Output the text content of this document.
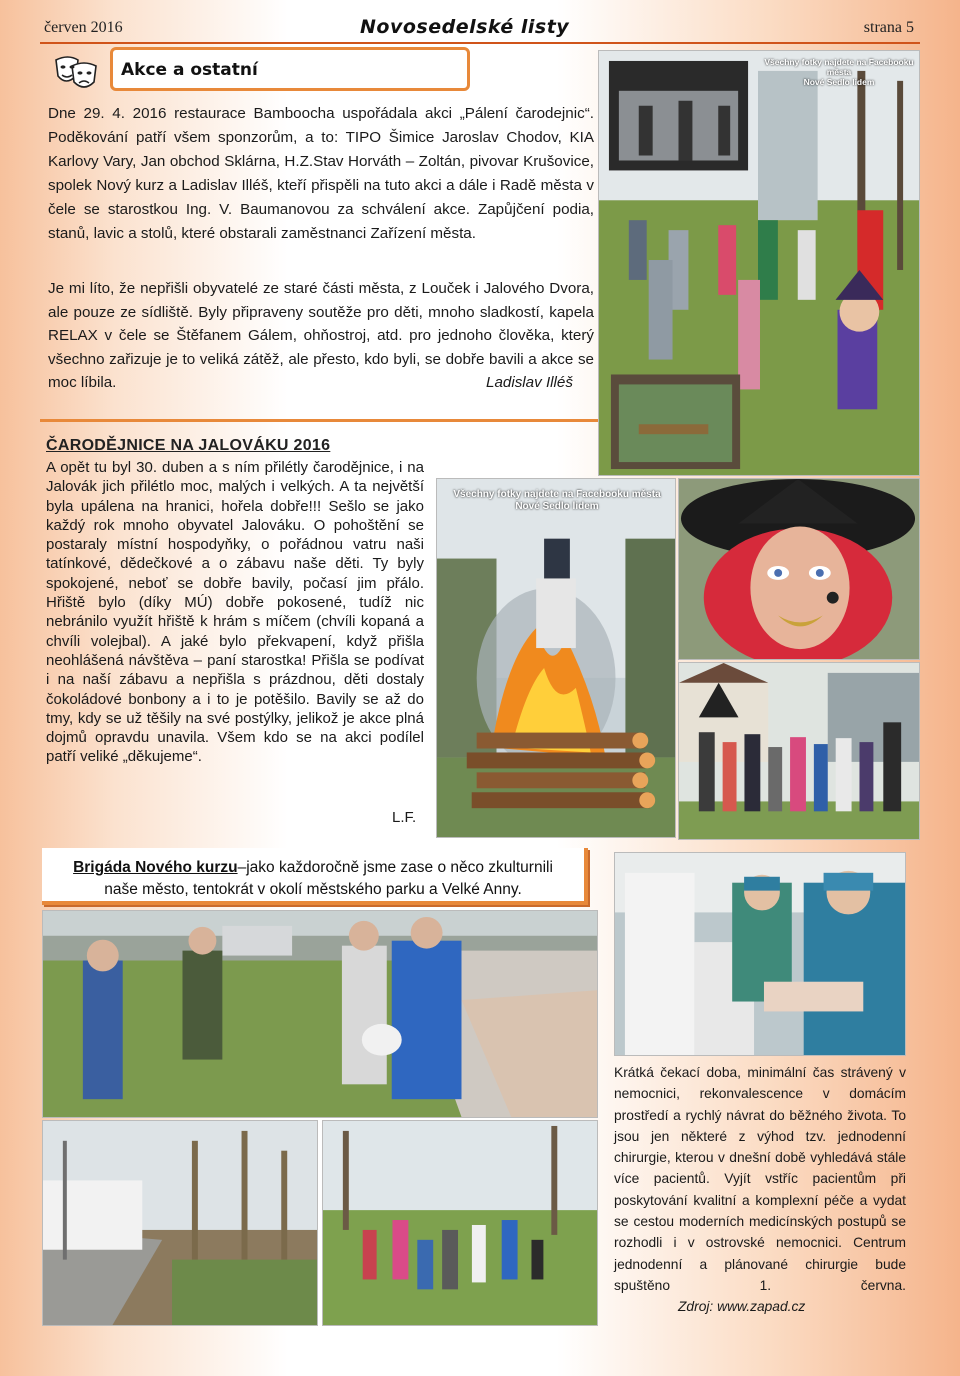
červen 2016	Novosedelské listy	strana 5
Akce a ostatní
Dne 29. 4. 2016 restaurace Bamboocha uspořádala akci „Pálení čarodejnic“. Poděkování patří všem sponzorům, a to: TIPO Šimice Jaroslav Chodov, KIA Karlovy Vary, Jan obchod Sklárna, H.Z.Stav Horváth – Zoltán, pivovar Krušovice, spolek Nový kurz a Ladislav Illéš, kteří přispěli na tuto akci a dále i Radě města v čele se starostkou Ing. V. Baumanovou za schválení akce. Zapůjčení podia, stanů, lavic a stolů, které obstarali zaměstnanci Zařízení města.
Je mi líto, že nepřišli obyvatelé ze staré části města, z Louček i Jalového Dvora, ale pouze ze sídliště. Byly připraveny soutěže pro děti, mnoho sladkostí, kapela RELAX v čele se Štěfanem Gálem, ohňostroj, atd. pro jednoho člověka, který všechno zařizuje je to veliká zátěž, ale přesto, kdo byli, se dobře bavili a akce se moc líbila.	Ladislav Illéš
Všechny fotky najdete na Facebooku města
Nové Sedlo lidem
ČARODĚJNICE NA JALOVÁKU 2016
A opět tu byl 30. duben a s ním přilétly čarodějnice, i na Jalovák jich přilétlo moc, malých i velkých. A ta největší byla upálena na hranici, hořela dobře!!! Sešlo se jako každý rok mnoho obyvatel Jalováku. O pohoštění se postaraly místní hospodyňky, o pořádnou vatru naši tatínkové, dědečkové a o zábavu naše děti. Ty byly spokojené, neboť se dobře bavily, počasí jim přálo. Hřiště bylo (díky MÚ) dobře pokosené, tudíž nic nebránilo využít hřiště k hrám s míčem (chvíli kopaná a chvíli volejbal). A jaké bylo překvapení, když přišla neohlášená návštěva – paní starostka! Přišla se podívat i na naší zábavu a nepřišla s prázdnou, děti dostaly čokoládové bonbony a i to je potěšilo. Bavily se až do tmy, kdy se už těšily na své postýlky, jelikož je akce plná dojmů opravdu unavila. Všem kdo se na akci podílel patří veliké „děkujeme“.
L.F.
Všechny fotky najdete na Facebooku města
Nové Sedlo lidem
Brigáda Nového kurzu–jako každoročně jsme zase o něco zkulturnili naše město, tentokrát v okolí městského parku a Velké Anny.
Krátká čekací doba, minimální čas strávený v nemocnici, rekonvalescence v domácím prostředí a rychlý návrat do běžného života. To jsou jen některé z výhod tzv. jednodenní chirurgie, kterou v dnešní době vyhledává stále více pacientů. Vyjít vstříc pacientům při poskytování kvalitní a komplexní péče a vydat se cestou moderních medicínských postupů se rozhodli i v ostrovské nemocnici. Centrum jednodenní a plánované chirurgie bude spuštěno 1. června. Zdroj: www.zapad.cz
